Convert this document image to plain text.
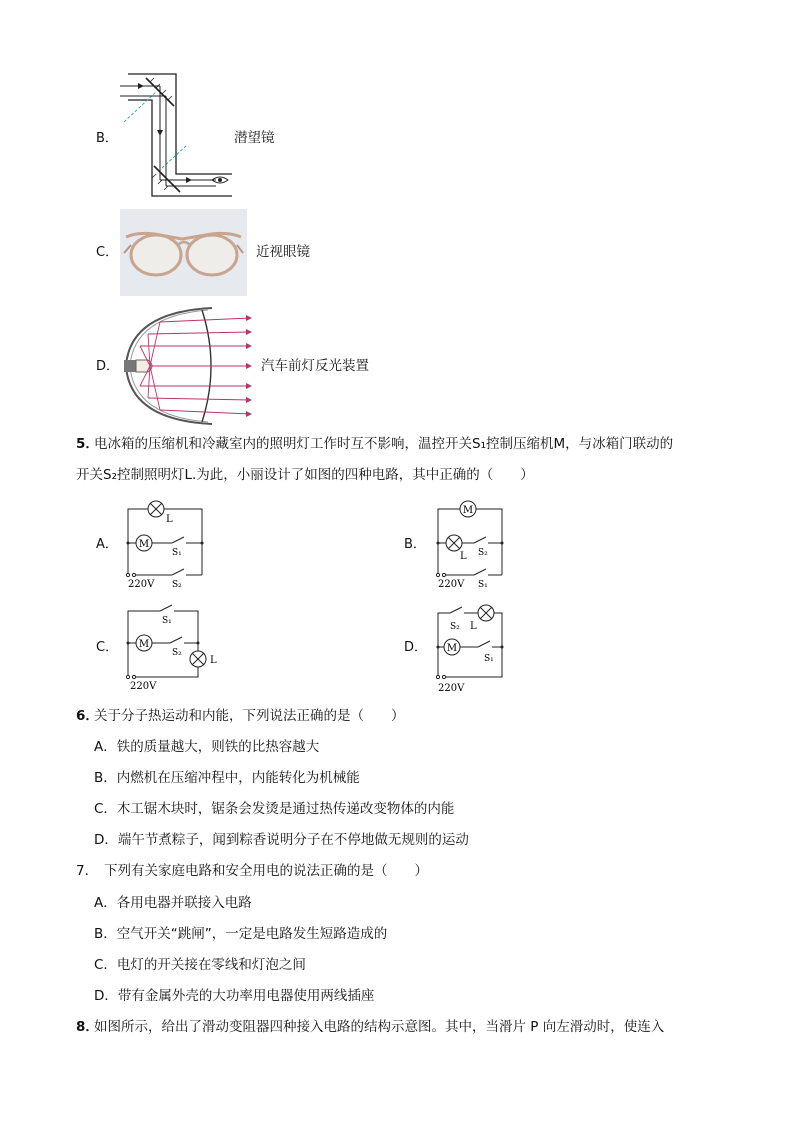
B．	潜望镜
C．	近视眼镜
D．	汽车前灯反光装置
5．
电冰箱的压缩机和冷藏室内的照明灯工作时互不影响，温控开关S₁控制压缩机M，与冰箱门联动的
开关S₂控制照明灯L.为此，小丽设计了如图的四种电路，其中正确的（　　）
A． M
L
S₁
S₂
220V
B．
M
L S₂
S₁
220V
C． M
S₁
S₂
L
220V
D． M
S₂ L
S₁
220V
6．
关于分子热运动和内能，下列说法正确的是（　　）
A．铁的质量越大，则铁的比热容越大
B．内燃机在压缩冲程中，内能转化为机械能
C．木工锯木块时，锯条会发烫是通过热传递改变物体的内能
D．端午节煮粽子，闻到粽香说明分子在不停地做无规则的运动
7． 下列有关家庭电路和安全用电的说法正确的是（　　）
A．各用电器并联接入电路
B．空气开关“跳闸”，一定是电路发生短路造成的
C．电灯的开关接在零线和灯泡之间
D．带有金属外壳的大功率用电器使用两线插座
8．
如图所示，给出了滑动变阻器四种接入电路的结构示意图。其中，当滑片 P 向左滑动时，使连入
